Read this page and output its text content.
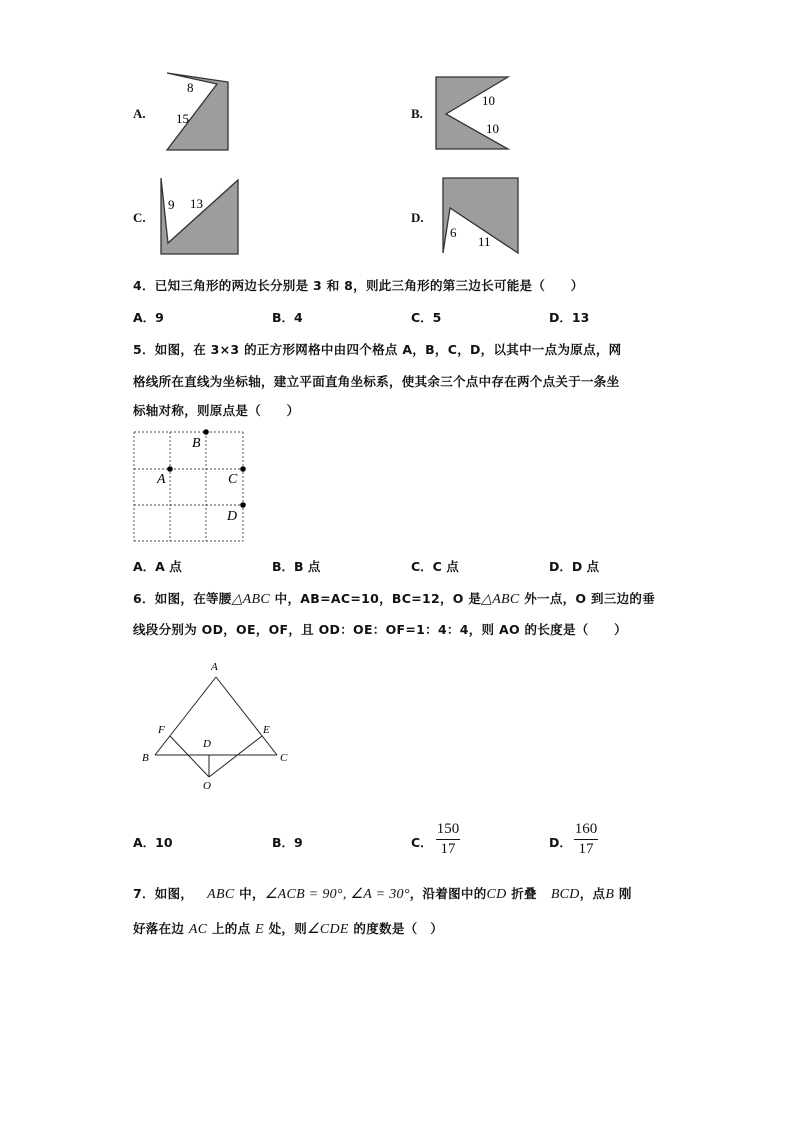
A.
8
15	B.
10
10
C.
9 13
D.
6
11
4．已知三角形的两边长分别是 3 和 8，则此三角形的第三边长可能是（　　）
A．9	B．4	C．5	D．13
5．如图，在 3×3 的正方形网格中由四个格点 A，B，C，D，以其中一点为原点，网
格线所在直线为坐标轴，建立平面直角坐标系，使其余三个点中存在两个点关于一条坐
标轴对称，则原点是（　　）
B
A	C
D
A．A 点	B．B 点	C．C 点	D．D 点
6．如图，在等腰△ABC 中，AB=AC=10，BC=12，O 是△ABC 外一点，O 到三边的垂
线段分别为 OD，OE，OF，且 OD：OE：OF=1：4：4，则 AO 的长度是（　　）
A
F	E
D
B	C
O
A．10	B．9	C．
150
17	D．
160
17
7．如图， ABC 中，∠ACB = 90°, ∠A = 30°，沿着图中的CD 折叠   BCD，点B 刚
好落在边 AC 上的点 E 处，则∠CDE 的度数是（　）
